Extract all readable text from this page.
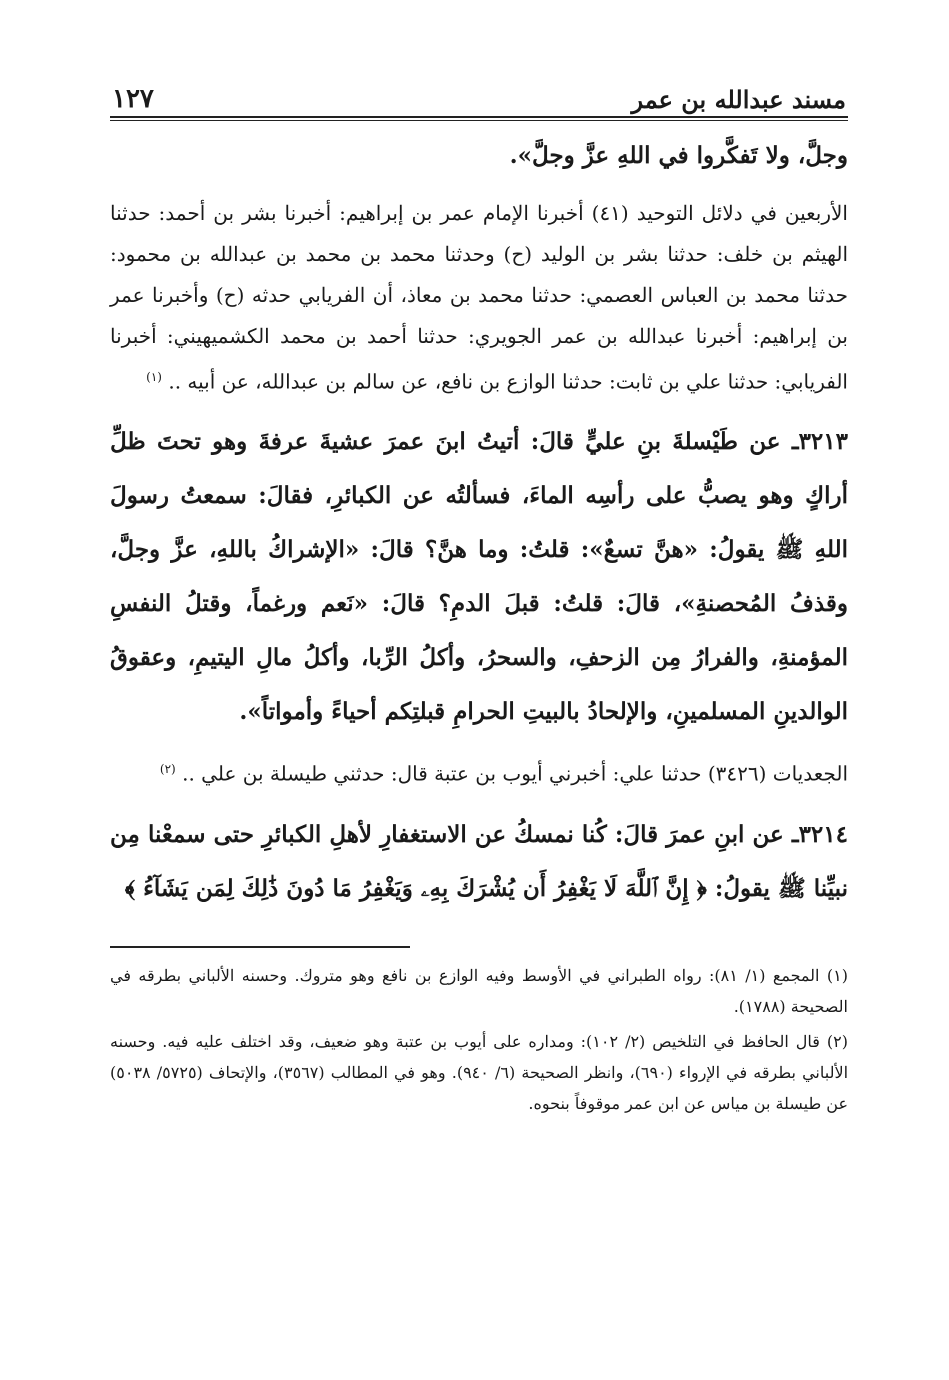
مسند عبدالله بن عمر
١٢٧

وجلَّ، ولا تَفكَّروا في اللهِ عزَّ وجلَّ».

الأربعين في دلائل التوحيد (٤١) أخبرنا الإمام عمر بن إبراهيم: أخبرنا بشر بن أحمد: حدثنا الهيثم بن خلف: حدثنا بشر بن الوليد (ح) وحدثنا محمد بن محمد بن عبدالله بن محمود: حدثنا محمد بن العباس العصمي: حدثنا محمد بن معاذ، أن الفريابي حدثه (ح) وأخبرنا عمر بن إبراهيم: أخبرنا عبدالله بن عمر الجويري: حدثنا أحمد بن محمد الكشميهيني: أخبرنا الفريابي: حدثنا علي بن ثابت: حدثنا الوازع بن نافع، عن سالم بن عبدالله، عن أبيه .. $^{(١)}$

٣٢١٣ـ عن طَيْسلةَ بنِ عليٍّ قالَ: أتيتُ ابنَ عمرَ عشيةَ عرفةَ وهو تحتَ ظلِّ أراكٍ وهو يصبُّ على رأسِه الماءَ، فسألتُه عن الكبائرِ، فقالَ: سمعتُ رسولَ اللهِ ﷺ يقولُ: «هنَّ تسعٌ»: قلتُ: وما هنَّ؟ قالَ: «الإشراكُ باللهِ، عزَّ وجلَّ، وقذفُ المُحصنةِ»، قالَ: قلتُ: قبلَ الدمِ؟ قالَ: «نَعم ورغماً، وقتلُ النفسِ المؤمنةِ، والفرارُ مِن الزحفِ، والسحرُ، وأكلُ الرِّبا، وأكلُ مالِ اليتيمِ، وعقوقُ الوالدينِ المسلمينِ، والإلحادُ بالبيتِ الحرامِ قبلتِكم أحياءً وأمواتاً».

الجعديات (٣٤٢٦) حدثنا علي: أخبرني أيوب بن عتبة قال: حدثني طيسلة بن علي .. $^{(٢)}$

٣٢١٤ـ عن ابنِ عمرَ قالَ: كُنا نمسكُ عن الاستغفارِ لأهلِ الكبائرِ حتى سمعْنا مِن نبيِّنا ﷺ يقولُ: ﴿ إِنَّ ٱللَّهَ لَا يَغْفِرُ أَن يُشْرَكَ بِهِۦ وَيَغْفِرُ مَا دُونَ ذَٰلِكَ لِمَن يَشَآءُ ﴾

(١) المجمع (١/ ٨١): رواه الطبراني في الأوسط وفيه الوازع بن نافع وهو متروك. وحسنه الألباني بطرقه في الصحيحة (١٧٨٨).

(٢) قال الحافظ في التلخيص (٢/ ١٠٢): ومداره على أيوب بن عتبة وهو ضعيف، وقد اختلف عليه فيه. وحسنه الألباني بطرقه في الإرواء (٦٩٠)، وانظر الصحيحة (٦/ ٩٤٠). وهو في المطالب (٣٥٦٧)، والإتحاف (٥٧٢٥/ ٥٠٣٨) عن طيسلة بن مياس عن ابن عمر موقوفاً بنحوه.
